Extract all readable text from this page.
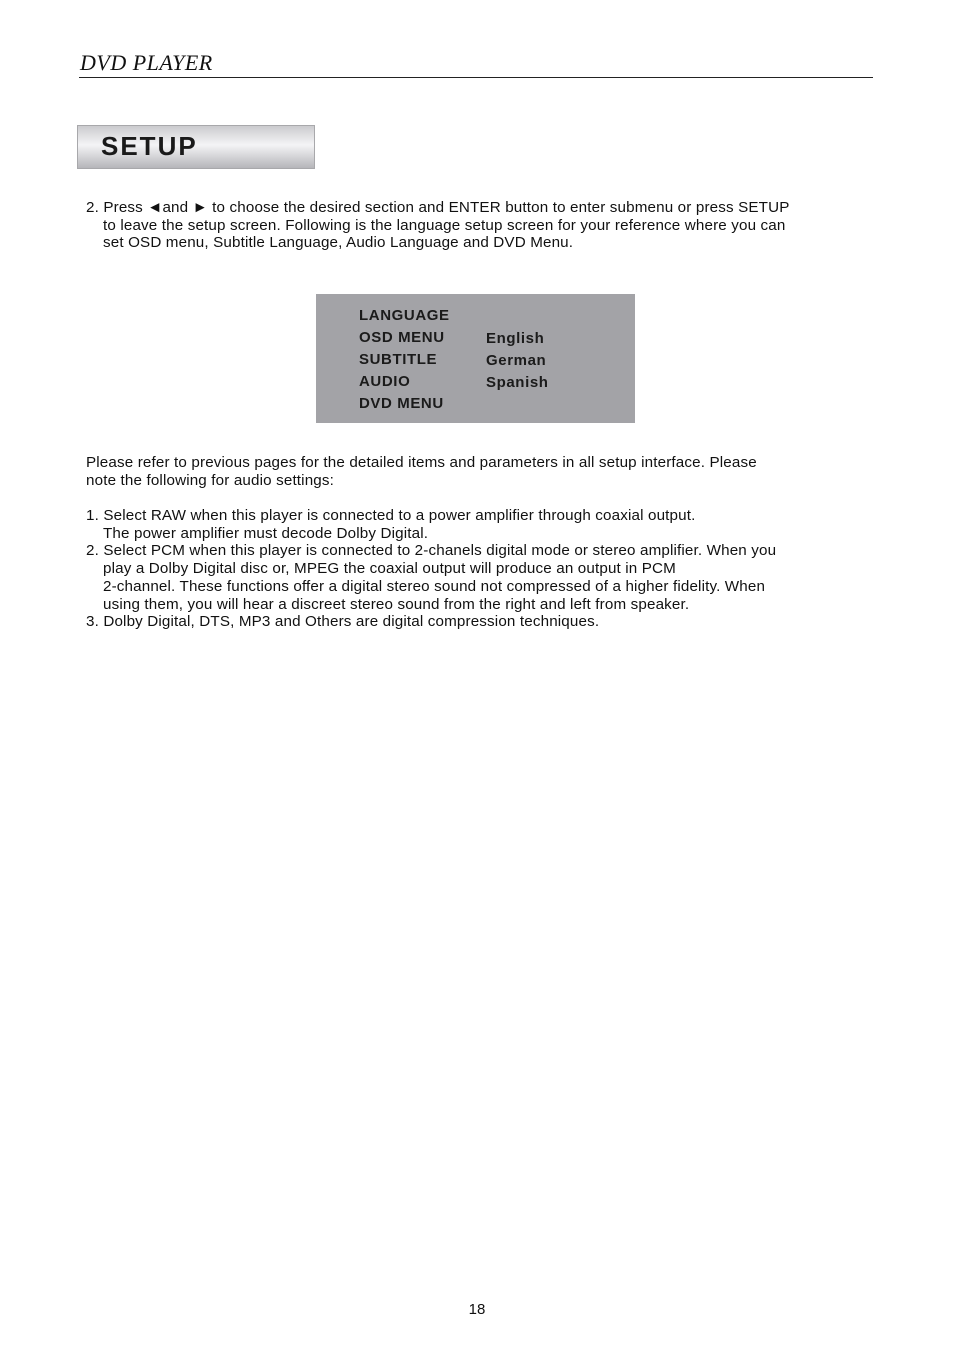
DVD PLAYER
SETUP
2. Press ◄and ► to choose the desired section and ENTER button to enter submenu or press SETUP
to leave the setup screen. Following is the language setup screen for your reference where you can
set OSD menu, Subtitle Language, Audio Language and DVD Menu.
LANGUAGE
OSD MENU
SUBTITLE
AUDIO
DVD MENU
English
German
Spanish
Please refer to previous pages for the detailed items and parameters in all setup interface. Please
note the following for audio settings:
1. Select RAW when this player is connected to a power amplifier through coaxial output.
The power amplifier must decode Dolby Digital.
2. Select PCM when this player is connected to 2-chanels digital mode or stereo amplifier. When you
play a Dolby Digital disc or, MPEG the coaxial output will produce an output in PCM
2-channel. These functions offer a digital stereo sound not compressed of a higher fidelity. When
using them, you will hear a discreet stereo sound from the right and left from speaker.
3. Dolby Digital, DTS, MP3 and Others are digital compression techniques.
18
